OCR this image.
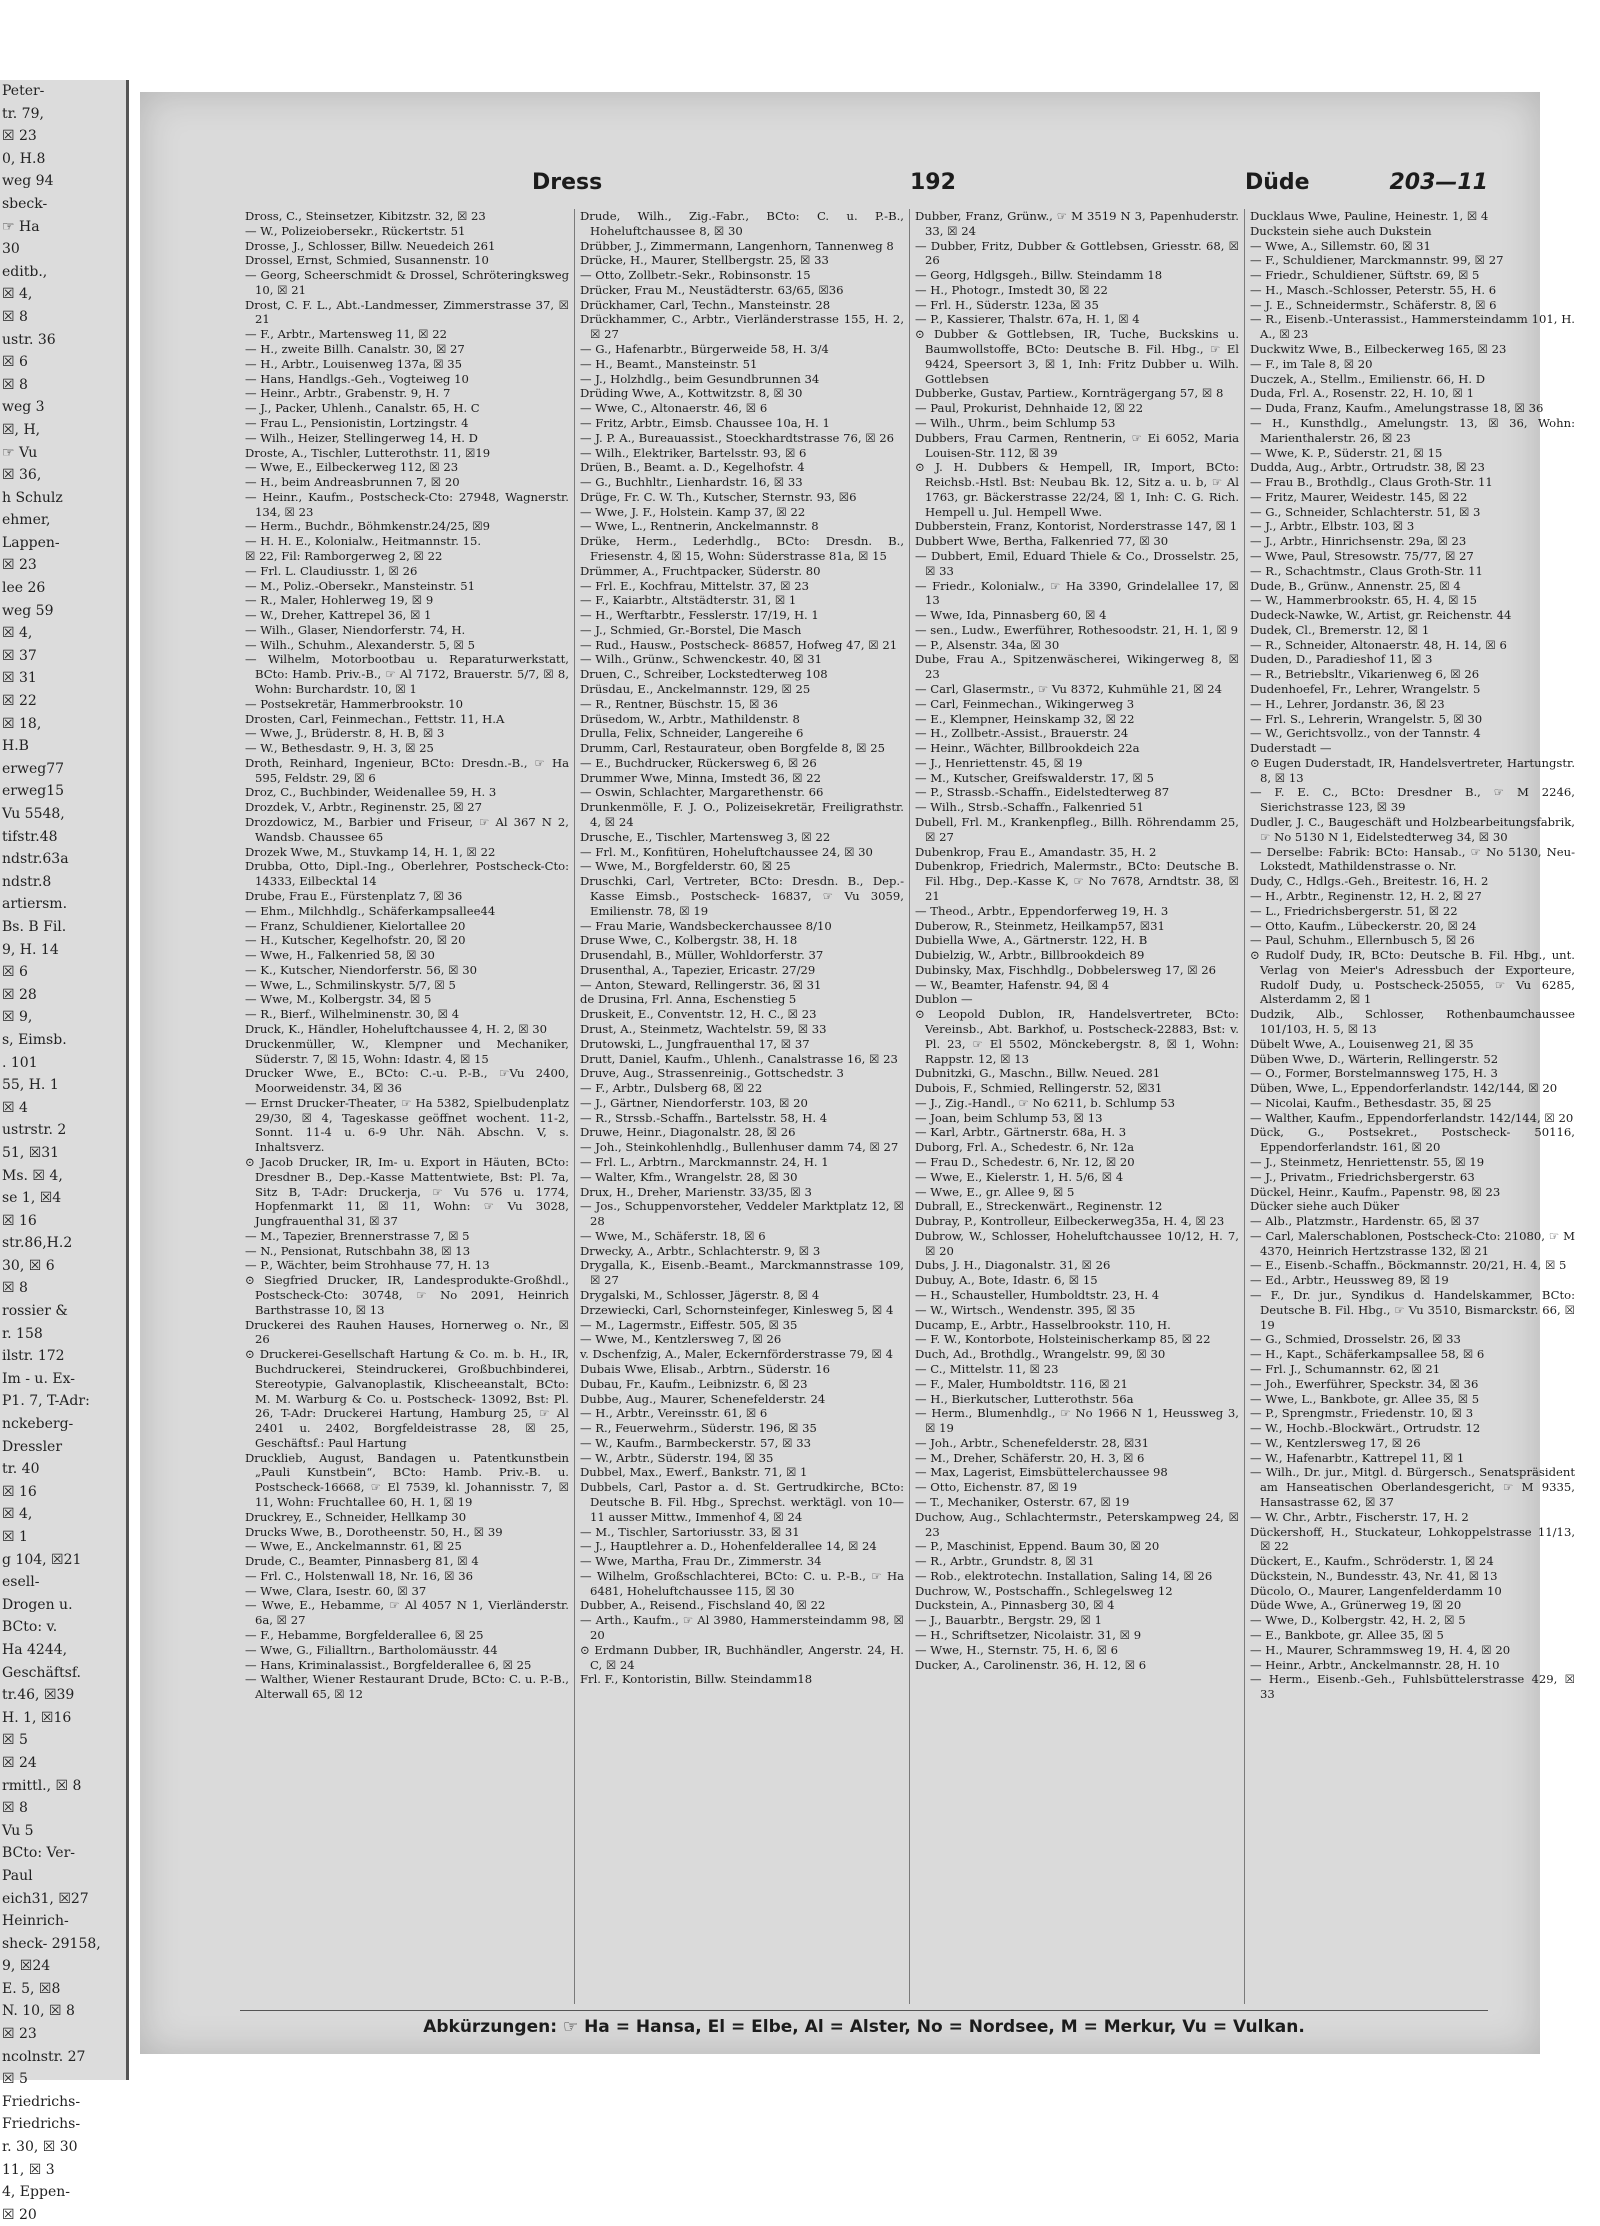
Peter-
tr. 79,
☒ 23
0, H.8
weg 94
sbeck-
☞ Ha
30
editb.,
☒ 4,
☒ 8
ustr. 36
☒ 6
☒ 8
weg 3
☒, H,
☞ Vu
☒ 36,
h Schulz
ehmer,
Lappen-
☒ 23
lee 26
weg 59
☒ 4,
☒ 37
☒ 31
☒ 22
☒ 18,
H.B
erweg77
erweg15
Vu 5548,
tifstr.48
ndstr.63a
ndstr.8
artiersm.
Bs. B Fil.
9, H. 14
☒ 6
☒ 28
☒ 9,
s, Eimsb.
. 101
55, H. 1
☒ 4
ustrstr. 2
51, ☒31
Ms. ☒ 4,
se 1, ☒4
☒ 16
str.86,H.2
30, ☒ 6
☒ 8
rossier &
r. 158
ilstr. 172
Im - u. Ex-
P1. 7, T-Adr:
nckeberg-
Dressler
tr. 40
☒ 16
☒ 4,
☒ 1
g 104, ☒21
esell-
Drogen u.
BCto: v.
Ha 4244,
Geschäftsf.
tr.46, ☒39
H. 1, ☒16
☒ 5
☒ 24
rmittl., ☒ 8
☒ 8
Vu 5
BCto: Ver-
Paul
eich31, ☒27
Heinrich-
sheck- 29158,
9, ☒24
E. 5, ☒8
N. 10, ☒ 8
☒ 23
ncolnstr. 27
☒ 5
Friedrichs-
Friedrichs-
r. 30, ☒ 30
11, ☒ 3
4, Eppen-
☒ 20
Dress	192	Düde	203—11

Dross, C., Steinsetzer, Kibitzstr. 32, ☒ 23

— W., Polizeiobersekr., Rückertstr. 51

Drosse, J., Schlosser, Billw. Neuedeich 261

Drossel, Ernst, Schmied, Susannenstr. 10

— Georg, Scheerschmidt & Drossel, Schröteringksweg 10, ☒ 21

Drost, C. F. L., Abt.-Landmesser, Zimmerstrasse 37, ☒ 21

— F., Arbtr., Martensweg 11, ☒ 22

— H., zweite Billh. Canalstr. 30, ☒ 27

— H., Arbtr., Louisenweg 137a, ☒ 35

— Hans, Handlgs.-Geh., Vogteiweg 10

— Heinr., Arbtr., Grabenstr. 9, H. 7

— J., Packer, Uhlenh., Canalstr. 65, H. C

— Frau L., Pensionistin, Lortzingstr. 4

— Wilh., Heizer, Stellingerweg 14, H. D

Droste, A., Tischler, Lutterothstr. 11, ☒19

— Wwe, E., Eilbeckerweg 112, ☒ 23

— H., beim Andreasbrunnen 7, ☒ 20

— Heinr., Kaufm., Postscheck-Cto: 27948, Wagnerstr. 134, ☒ 23

— Herm., Buchdr., Böhmkenstr.24/25, ☒9

— H. H. E., Kolonialw., Heitmannstr. 15.

☒ 22, Fil: Ramborgerweg 2, ☒ 22

— Frl. L. Claudiusstr. 1, ☒ 26

— M., Poliz.-Obersekr., Mansteinstr. 51

— R., Maler, Hohlerweg 19, ☒ 9

— W., Dreher, Kattrepel 36, ☒ 1

— Wilh., Glaser, Niendorferstr. 74, H.

— Wilh., Schuhm., Alexanderstr. 5, ☒ 5

— Wilhelm, Motorbootbau u. Reparaturwerkstatt, BCto: Hamb. Priv.-B., ☞ Al 7172, Brauerstr. 5/7, ☒ 8, Wohn: Burchardstr. 10, ☒ 1

— Postsekretär, Hammerbrookstr. 10

Drosten, Carl, Feinmechan., Fettstr. 11, H.A

— Wwe, J., Brüderstr. 8, H. B, ☒ 3

— W., Bethesdastr. 9, H. 3, ☒ 25

Droth, Reinhard, Ingenieur, BCto: Dresdn.-B., ☞ Ha 595, Feldstr. 29, ☒ 6

Droz, C., Buchbinder, Weidenallee 59, H. 3

Drozdek, V., Arbtr., Reginenstr. 25, ☒ 27

Drozdowicz, M., Barbier und Friseur, ☞ Al 367 N 2, Wandsb. Chaussee 65

Drozek Wwe, M., Stuvkamp 14, H. 1, ☒ 22

Drubba, Otto, Dipl.-Ing., Oberlehrer, Postscheck-Cto: 14333, Eilbecktal 14

Drube, Frau E., Fürstenplatz 7, ☒ 36

— Ehm., Milchhdlg., Schäferkampsallee44

— Franz, Schuldiener, Kielortallee 20

— H., Kutscher, Kegelhofstr. 20, ☒ 20

— Wwe, H., Falkenried 58, ☒ 30

— K., Kutscher, Niendorferstr. 56, ☒ 30

— Wwe, L., Schmilinskystr. 5/7, ☒ 5

— Wwe, M., Kolbergstr. 34, ☒ 5

— R., Bierf., Wilhelminenstr. 30, ☒ 4

Druck, K., Händler, Hoheluftchaussee 4, H. 2, ☒ 30

Druckenmüller, W., Klempner und Mechaniker, Süderstr. 7, ☒ 15, Wohn: Idastr. 4, ☒ 15

Drucker Wwe, E., BCto: C.-u. P.-B., ☞Vu 2400, Moorweidenstr. 34, ☒ 36

— Ernst Drucker-Theater, ☞ Ha 5382, Spielbudenplatz 29/30, ☒ 4, Tageskasse geöffnet wochent. 11-2, Sonnt. 11-4 u. 6-9 Uhr. Näh. Abschn. V, s. Inhaltsverz.

⊙ Jacob Drucker, IR, Im- u. Export in Häuten, BCto: Dresdner B., Dep.-Kasse Mattentwiete, Bst: Pl. 7a, Sitz B, T-Adr: Druckerja, ☞ Vu 576 u. 1774, Hopfenmarkt 11, ☒ 11, Wohn: ☞ Vu 3028, Jungfrauenthal 31, ☒ 37

— M., Tapezier, Brennerstrasse 7, ☒ 5

— N., Pensionat, Rutschbahn 38, ☒ 13

— P., Wächter, beim Strohhause 77, H. 13

⊙ Siegfried Drucker, IR, Landesprodukte-Großhdl., Postscheck-Cto: 30748, ☞ No 2091, Heinrich Barthstrasse 10, ☒ 13

Druckerei des Rauhen Hauses, Hornerweg o. Nr., ☒ 26

⊙ Druckerei-Gesellschaft Hartung & Co. m. b. H., IR, Buchdruckerei, Steindruckerei, Großbuchbinderei, Stereotypie, Galvanoplastik, Klischeeanstalt, BCto: M. M. Warburg & Co. u. Postscheck- 13092, Bst: Pl. 26, T-Adr: Druckerei Hartung, Hamburg 25, ☞ Al 2401 u. 2402, Borgfeldeistrasse 28, ☒ 25, Geschäftsf.: Paul Hartung

Drucklieb, August, Bandagen u. Patentkunstbein „Pauli Kunstbein“, BCto: Hamb. Priv.-B. u. Postscheck-16668, ☞ El 7539, kl. Johannisstr. 7, ☒ 11, Wohn: Fruchtallee 60, H. 1, ☒ 19

Druckrey, E., Schneider, Hellkamp 30

Drucks Wwe, B., Dorotheenstr. 50, H., ☒ 39

— Wwe, E., Anckelmannstr. 61, ☒ 25

Drude, C., Beamter, Pinnasberg 81, ☒ 4

— Frl. C., Holstenwall 18, Nr. 16, ☒ 36

— Wwe, Clara, Isestr. 60, ☒ 37

— Wwe, E., Hebamme, ☞ Al 4057 N 1, Vierländerstr. 6a, ☒ 27

— F., Hebamme, Borgfelderallee 6, ☒ 25

— Wwe, G., Filialltrn., Bartholomäusstr. 44

— Hans, Kriminalassist., Borgfelderallee 6, ☒ 25

— Walther, Wiener Restaurant Drude, BCto: C. u. P.-B., Alterwall 65, ☒ 12

Drude, Wilh., Zig.-Fabr., BCto: C. u. P.-B., Hoheluftchaussee 8, ☒ 30

Drübber, J., Zimmermann, Langenhorn, Tannenweg 8

Drücke, H., Maurer, Stellbergstr. 25, ☒ 33

— Otto, Zollbetr.-Sekr., Robinsonstr. 15

Drücker, Frau M., Neustädterstr. 63/65, ☒36

Drückhamer, Carl, Techn., Mansteinstr. 28

Drückhammer, C., Arbtr., Vierländerstrasse 155, H. 2, ☒ 27

— G., Hafenarbtr., Bürgerweide 58, H. 3/4

— H., Beamt., Mansteinstr. 51

— J., Holzhdlg., beim Gesundbrunnen 34

Drüding Wwe, A., Kottwitzstr. 8, ☒ 30

— Wwe, C., Altonaerstr. 46, ☒ 6

— Fritz, Arbtr., Eimsb. Chaussee 10a, H. 1

— J. P. A., Bureauassist., Stoeckhardtstrasse 76, ☒ 26

— Wilh., Elektriker, Bartelsstr. 93, ☒ 6

Drüen, B., Beamt. a. D., Kegelhofstr. 4

— G., Buchhltr., Lienhardstr. 16, ☒ 33

Drüge, Fr. C. W. Th., Kutscher, Sternstr. 93, ☒6

— Wwe, J. F., Holstein. Kamp 37, ☒ 22

— Wwe, L., Rentnerin, Anckelmannstr. 8

Drüke, Herm., Lederhdlg., BCto: Dresdn. B., Friesenstr. 4, ☒ 15, Wohn: Süderstrasse 81a, ☒ 15

Drümmer, A., Fruchtpacker, Süderstr. 80

— Frl. E., Kochfrau, Mittelstr. 37, ☒ 23

— F., Kaiarbtr., Altstädterstr. 31, ☒ 1

— H., Werftarbtr., Fesslerstr. 17/19, H. 1

— J., Schmied, Gr.-Borstel, Die Masch

— Rud., Hausw., Postscheck- 86857, Hofweg 47, ☒ 21

— Wilh., Grünw., Schwenckestr. 40, ☒ 31

Druen, C., Schreiber, Lockstedterweg 108

Drüsdau, E., Anckelmannstr. 129, ☒ 25

— R., Rentner, Büschstr. 15, ☒ 36

Drüsedom, W., Arbtr., Mathildenstr. 8

Drulla, Felix, Schneider, Langereihe 6

Drumm, Carl, Restaurateur, oben Borgfelde 8, ☒ 25

— E., Buchdrucker, Rückersweg 6, ☒ 26

Drummer Wwe, Minna, Imstedt 36, ☒ 22

— Oswin, Schlachter, Margarethenstr. 66

Drunkenmölle, F. J. O., Polizeisekretär, Freiligrathstr. 4, ☒ 24

Drusche, E., Tischler, Martensweg 3, ☒ 22

— Frl. M., Konfitüren, Hoheluftchaussee 24, ☒ 30

— Wwe, M., Borgfelderstr. 60, ☒ 25

Druschki, Carl, Vertreter, BCto: Dresdn. B., Dep.-Kasse Eimsb., Postscheck- 16837, ☞ Vu 3059, Emilienstr. 78, ☒ 19

— Frau Marie, Wandsbeckerchaussee 8/10

Druse Wwe, C., Kolbergstr. 38, H. 18

Drusendahl, B., Müller, Wohldorferstr. 37

Drusenthal, A., Tapezier, Ericastr. 27/29

— Anton, Steward, Rellingerstr. 36, ☒ 31

de Drusina, Frl. Anna, Eschenstieg 5

Druskeit, E., Conventstr. 12, H. C., ☒ 23

Drust, A., Steinmetz, Wachtelstr. 59, ☒ 33

Drutowski, L., Jungfrauenthal 17, ☒ 37

Drutt, Daniel, Kaufm., Uhlenh., Canalstrasse 16, ☒ 23

Druve, Aug., Strassenreinig., Gottschedstr. 3

— F., Arbtr., Dulsberg 68, ☒ 22

— J., Gärtner, Niendorferstr. 103, ☒ 20

— R., Strssb.-Schaffn., Bartelsstr. 58, H. 4

Druwe, Heinr., Diagonalstr. 28, ☒ 26

— Joh., Steinkohlenhdlg., Bullenhuser damm 74, ☒ 27

— Frl. L., Arbtrn., Marckmannstr. 24, H. 1

— Walter, Kfm., Wrangelstr. 28, ☒ 30

Drux, H., Dreher, Marienstr. 33/35, ☒ 3

— Jos., Schuppenvorsteher, Veddeler Marktplatz 12, ☒ 28

— Wwe, M., Schäferstr. 18, ☒ 6

Drwecky, A., Arbtr., Schlachterstr. 9, ☒ 3

Drygalla, K., Eisenb.-Beamt., Marckmannstrasse 109, ☒ 27

Drygalski, M., Schlosser, Jägerstr. 8, ☒ 4

Drzewiecki, Carl, Schornsteinfeger, Kinlesweg 5, ☒ 4

— M., Lagermstr., Eiffestr. 505, ☒ 35

— Wwe, M., Kentzlersweg 7, ☒ 26

v. Dschenfzig, A., Maler, Eckernförderstrasse 79, ☒ 4

Dubais Wwe, Elisab., Arbtrn., Süderstr. 16

Dubau, Fr., Kaufm., Leibnizstr. 6, ☒ 23

Dubbe, Aug., Maurer, Schenefelderstr. 24

— H., Arbtr., Vereinsstr. 61, ☒ 6

— R., Feuerwehrm., Süderstr. 196, ☒ 35

— W., Kaufm., Barmbeckerstr. 57, ☒ 33

— W., Arbtr., Süderstr. 194, ☒ 35

Dubbel, Max., Ewerf., Bankstr. 71, ☒ 1

Dubbels, Carl, Pastor a. d. St. Gertrudkirche, BCto: Deutsche B. Fil. Hbg., Sprechst. werktägl. von 10—11 ausser Mittw., Immenhof 4, ☒ 24

— M., Tischler, Sartoriusstr. 33, ☒ 31

— J., Hauptlehrer a. D., Hohenfelderallee 14, ☒ 24

— Wwe, Martha, Frau Dr., Zimmerstr. 34

— Wilhelm, Großschlachterei, BCto: C. u. P.-B., ☞ Ha 6481, Hoheluftchaussee 115, ☒ 30

Dubber, A., Reisend., Fischsland 40, ☒ 22

— Arth., Kaufm., ☞ Al 3980, Hammersteindamm 98, ☒ 20

⊙ Erdmann Dubber, IR, Buchhändler, Angerstr. 24, H. C, ☒ 24

Frl. F., Kontoristin, Billw. Steindamm18

Dubber, Franz, Grünw., ☞ M 3519 N 3, Papenhuderstr. 33, ☒ 24

— Dubber, Fritz, Dubber & Gottlebsen, Griesstr. 68, ☒ 26

— Georg, Hdlgsgeh., Billw. Steindamm 18

— H., Photogr., Imstedt 30, ☒ 22

— Frl. H., Süderstr. 123a, ☒ 35

— P., Kassierer, Thalstr. 67a, H. 1, ☒ 4

⊙ Dubber & Gottlebsen, IR, Tuche, Buckskins u. Baumwollstoffe, BCto: Deutsche B. Fil. Hbg., ☞ El 9424, Speersort 3, ☒ 1, Inh: Fritz Dubber u. Wilh. Gottlebsen

Dubberke, Gustav, Partiew., Kornträgergang 57, ☒ 8

— Paul, Prokurist, Dehnhaide 12, ☒ 22

— Wilh., Uhrm., beim Schlump 53

Dubbers, Frau Carmen, Rentnerin, ☞ Ei 6052, Maria Louisen-Str. 112, ☒ 39

⊙ J. H. Dubbers & Hempell, IR, Import, BCto: Reichsb.-Hstl. Bst: Neubau Bk. 12, Sitz a. u. b, ☞ Al 1763, gr. Bäckerstrasse 22/24, ☒ 1, Inh: C. G. Rich. Hempell u. Jul. Hempell Wwe.

Dubberstein, Franz, Kontorist, Norderstrasse 147, ☒ 1

Dubbert Wwe, Bertha, Falkenried 77, ☒ 30

— Dubbert, Emil, Eduard Thiele & Co., Drosselstr. 25, ☒ 33

— Friedr., Kolonialw., ☞ Ha 3390, Grindelallee 17, ☒ 13

— Wwe, Ida, Pinnasberg 60, ☒ 4

— sen., Ludw., Ewerführer, Rothesoodstr. 21, H. 1, ☒ 9

— P., Alsenstr. 34a, ☒ 30

Dube, Frau A., Spitzenwäscherei, Wikingerweg 8, ☒ 23

— Carl, Glasermstr., ☞ Vu 8372, Kuhmühle 21, ☒ 24

— Carl, Feinmechan., Wikingerweg 3

— E., Klempner, Heinskamp 32, ☒ 22

— H., Zollbetr.-Assist., Brauerstr. 24

— Heinr., Wächter, Billbrookdeich 22a

— J., Henriettenstr. 45, ☒ 19

— M., Kutscher, Greifswalderstr. 17, ☒ 5

— P., Strassb.-Schaffn., Eidelstedterweg 87

— Wilh., Strsb.-Schaffn., Falkenried 51

Dubell, Frl. M., Krankenpfleg., Billh. Röhrendamm 25, ☒ 27

Dubenkrop, Frau E., Amandastr. 35, H. 2

Dubenkrop, Friedrich, Malermstr., BCto: Deutsche B. Fil. Hbg., Dep.-Kasse K, ☞ No 7678, Arndtstr. 38, ☒ 21

— Theod., Arbtr., Eppendorferweg 19, H. 3

Duberow, R., Steinmetz, Heilkamp57, ☒31

Dubiella Wwe, A., Gärtnerstr. 122, H. B

Dubielzig, W., Arbtr., Billbrookdeich 89

Dubinsky, Max, Fischhdlg., Dobbelersweg 17, ☒ 26

— W., Beamter, Hafenstr. 94, ☒ 4

Dublon —

⊙ Leopold Dublon, IR, Handelsvertreter, BCto: Vereinsb., Abt. Barkhof, u. Postscheck-22883, Bst: v. Pl. 23, ☞ El 5502, Mönckebergstr. 8, ☒ 1, Wohn: Rappstr. 12, ☒ 13

Dubnitzki, G., Maschn., Billw. Neued. 281

Dubois, F., Schmied, Rellingerstr. 52, ☒31

— J., Zig.-Handl., ☞ No 6211, b. Schlump 53

— Joan, beim Schlump 53, ☒ 13

— Karl, Arbtr., Gärtnerstr. 68a, H. 3

Duborg, Frl. A., Schedestr. 6, Nr. 12a

— Frau D., Schedestr. 6, Nr. 12, ☒ 20

— Wwe, E., Kielerstr. 1, H. 5/6, ☒ 4

— Wwe, E., gr. Allee 9, ☒ 5

Dubrall, E., Streckenwärt., Reginenstr. 12

Dubray, P., Kontrolleur, Eilbeckerweg35a, H. 4, ☒ 23

Dubrow, W., Schlosser, Hoheluftchaussee 10/12, H. 7, ☒ 20

Dubs, J. H., Diagonalstr. 31, ☒ 26

Dubuy, A., Bote, Idastr. 6, ☒ 15

— H., Schausteller, Humboldtstr. 23, H. 4

— W., Wirtsch., Wendenstr. 395, ☒ 35

Ducamp, E., Arbtr., Hasselbrookstr. 110, H.

— F. W., Kontorbote, Holsteinischerkamp 85, ☒ 22

Duch, Ad., Brothdlg., Wrangelstr. 99, ☒ 30

— C., Mittelstr. 11, ☒ 23

— F., Maler, Humboldtstr. 116, ☒ 21

— H., Bierkutscher, Lutterothstr. 56a

— Herm., Blumenhdlg., ☞ No 1966 N 1, Heussweg 3, ☒ 19

— Joh., Arbtr., Schenefelderstr. 28, ☒31

— M., Dreher, Schäferstr. 20, H. 3, ☒ 6

— Max, Lagerist, Eimsbüttelerchaussee 98

— Otto, Eichenstr. 87, ☒ 19

— T., Mechaniker, Osterstr. 67, ☒ 19

Duchow, Aug., Schlachtermstr., Peterskampweg 24, ☒ 23

— P., Maschinist, Eppend. Baum 30, ☒ 20

— R., Arbtr., Grundstr. 8, ☒ 31

— Rob., elektrotechn. Installation, Saling 14, ☒ 26

Duchrow, W., Postschaffn., Schlegelsweg 12

Duckstein, A., Pinnasberg 30, ☒ 4

— J., Bauarbtr., Bergstr. 29, ☒ 1

— H., Schriftsetzer, Nicolaistr. 31, ☒ 9

— Wwe, H., Sternstr. 75, H. 6, ☒ 6

Ducker, A., Carolinenstr. 36, H. 12, ☒ 6

Ducklaus Wwe, Pauline, Heinestr. 1, ☒ 4

Duckstein siehe auch Dukstein

— Wwe, A., Sillemstr. 60, ☒ 31

— F., Schuldiener, Marckmannstr. 99, ☒ 27

— Friedr., Schuldiener, Süftstr. 69, ☒ 5

— H., Masch.-Schlosser, Peterstr. 55, H. 6

— J. E., Schneidermstr., Schäferstr. 8, ☒ 6

— R., Eisenb.-Unterassist., Hammersteindamm 101, H. A., ☒ 23

Duckwitz Wwe, B., Eilbeckerweg 165, ☒ 23

— F., im Tale 8, ☒ 20

Duczek, A., Stellm., Emilienstr. 66, H. D

Duda, Frl. A., Rosenstr. 22, H. 10, ☒ 1

— Duda, Franz, Kaufm., Amelungstrasse 18, ☒ 36

— H., Kunsthdlg., Amelungstr. 13, ☒ 36, Wohn: Marienthalerstr. 26, ☒ 23

— Wwe, K. P., Süderstr. 21, ☒ 15

Dudda, Aug., Arbtr., Ortrudstr. 38, ☒ 23

— Frau B., Brothdlg., Claus Groth-Str. 11

— Fritz, Maurer, Weidestr. 145, ☒ 22

— G., Schneider, Schlachterstr. 51, ☒ 3

— J., Arbtr., Elbstr. 103, ☒ 3

— J., Arbtr., Hinrichsenstr. 29a, ☒ 23

— Wwe, Paul, Stresowstr. 75/77, ☒ 27

— R., Schachtmstr., Claus Groth-Str. 11

Dude, B., Grünw., Annenstr. 25, ☒ 4

— W., Hammerbrookstr. 65, H. 4, ☒ 15

Dudeck-Nawke, W., Artist, gr. Reichenstr. 44

Dudek, Cl., Bremerstr. 12, ☒ 1

— R., Schneider, Altonaerstr. 48, H. 14, ☒ 6

Duden, D., Paradieshof 11, ☒ 3

— R., Betriebsltr., Vikarienweg 6, ☒ 26

Dudenhoefel, Fr., Lehrer, Wrangelstr. 5

— H., Lehrer, Jordanstr. 36, ☒ 23

— Frl. S., Lehrerin, Wrangelstr. 5, ☒ 30

— W., Gerichtsvollz., von der Tannstr. 4

Duderstadt —

⊙ Eugen Duderstadt, IR, Handelsvertreter, Hartungstr. 8, ☒ 13

— F. E. C., BCto: Dresdner B., ☞ M 2246, Sierichstrasse 123, ☒ 39

Dudler, J. C., Baugeschäft und Holzbearbeitungsfabrik, ☞ No 5130 N 1, Eidelstedterweg 34, ☒ 30

— Derselbe: Fabrik: BCto: Hansab., ☞ No 5130, Neu-Lokstedt, Mathildenstrasse o. Nr.

Dudy, C., Hdlgs.-Geh., Breitestr. 16, H. 2

— H., Arbtr., Reginenstr. 12, H. 2, ☒ 27

— L., Friedrichsbergerstr. 51, ☒ 22

— Otto, Kaufm., Lübeckerstr. 20, ☒ 24

— Paul, Schuhm., Ellernbusch 5, ☒ 26

⊙ Rudolf Dudy, IR, BCto: Deutsche B. Fil. Hbg., unt. Verlag von Meier's Adressbuch der Exporteure, Rudolf Dudy, u. Postscheck-25055, ☞ Vu 6285, Alsterdamm 2, ☒ 1

Dudzik, Alb., Schlosser, Rothenbaumchaussee 101/103, H. 5, ☒ 13

Dübelt Wwe, A., Louisenweg 21, ☒ 35

Düben Wwe, D., Wärterin, Rellingerstr. 52

— O., Former, Borstelmannsweg 175, H. 3

Düben, Wwe, L., Eppendorferlandstr. 142/144, ☒ 20

— Nicolai, Kaufm., Bethesdastr. 35, ☒ 25

— Walther, Kaufm., Eppendorferlandstr. 142/144, ☒ 20

Dück, G., Postsekret., Postscheck- 50116, Eppendorferlandstr. 161, ☒ 20

— J., Steinmetz, Henriettenstr. 55, ☒ 19

— J., Privatm., Friedrichsbergerstr. 63

Dückel, Heinr., Kaufm., Papenstr. 98, ☒ 23

Dücker siehe auch Düker

— Alb., Platzmstr., Hardenstr. 65, ☒ 37

— Carl, Malerschablonen, Postscheck-Cto: 21080, ☞ M 4370, Heinrich Hertzstrasse 132, ☒ 21

— E., Eisenb.-Schaffn., Böckmannstr. 20/21, H. 4, ☒ 5

— Ed., Arbtr., Heussweg 89, ☒ 19

— F., Dr. jur., Syndikus d. Handelskammer, BCto: Deutsche B. Fil. Hbg., ☞ Vu 3510, Bismarckstr. 66, ☒ 19

— G., Schmied, Drosselstr. 26, ☒ 33

— H., Kapt., Schäferkampsallee 58, ☒ 6

— Frl. J., Schumannstr. 62, ☒ 21

— Joh., Ewerführer, Speckstr. 34, ☒ 36

— Wwe, L., Bankbote, gr. Allee 35, ☒ 5

— P., Sprengmstr., Friedenstr. 10, ☒ 3

— W., Hochb.-Blockwärt., Ortrudstr. 12

— W., Kentzlersweg 17, ☒ 26

— W., Hafenarbtr., Kattrepel 11, ☒ 1

— Wilh., Dr. jur., Mitgl. d. Bürgersch., Senatspräsident am Hanseatischen Oberlandesgericht, ☞ M 9335, Hansastrasse 62, ☒ 37

— W. Chr., Arbtr., Fischerstr. 17, H. 2

Dückershoff, H., Stuckateur, Lohkoppelstrasse 11/13, ☒ 22

Dückert, E., Kaufm., Schröderstr. 1, ☒ 24

Dückstein, N., Bundesstr. 43, Nr. 41, ☒ 13

Dücolo, O., Maurer, Langenfelderdamm 10

Düde Wwe, A., Grünerweg 19, ☒ 20

— Wwe, D., Kolbergstr. 42, H. 2, ☒ 5

— E., Bankbote, gr. Allee 35, ☒ 5

— H., Maurer, Schrammsweg 19, H. 4, ☒ 20

— Heinr., Arbtr., Anckelmannstr. 28, H. 10

— Herm., Eisenb.-Geh., Fuhlsbüttelerstrasse 429, ☒ 33

Abkürzungen: ☞ Ha = Hansa, El = Elbe, Al = Alster, No = Nordsee, M = Merkur, Vu = Vulkan.
